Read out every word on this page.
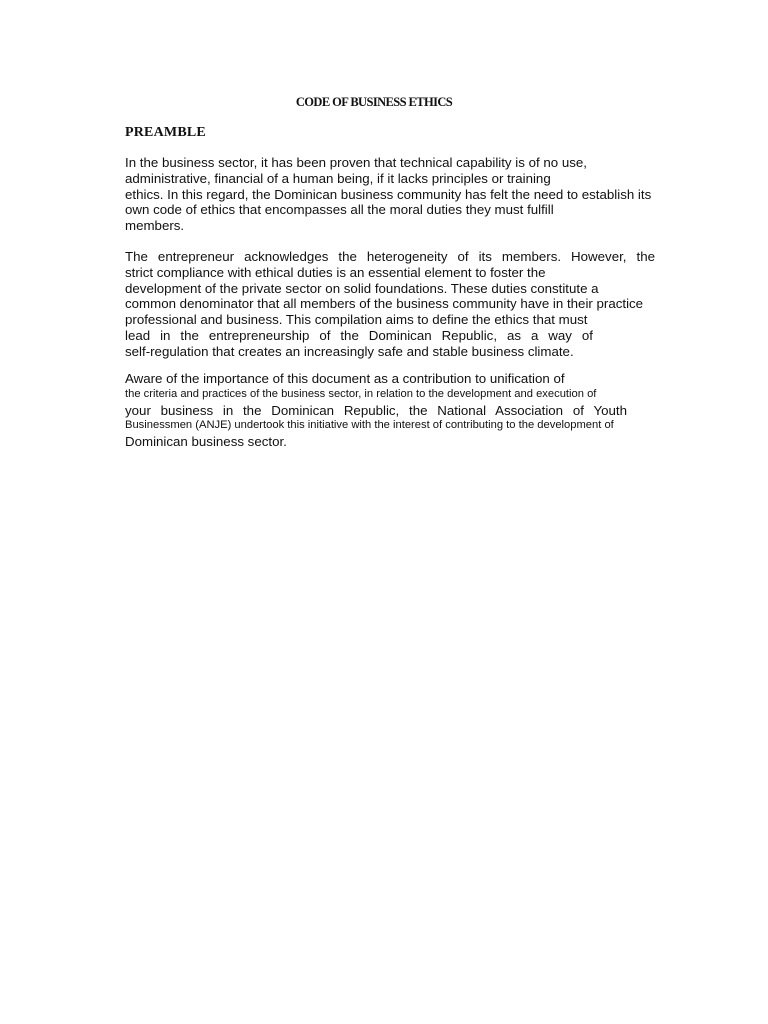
CODE OF BUSINESS ETHICS
PREAMBLE
In the business sector, it has been proven that technical capability is of no use,
administrative, financial of a human being, if it lacks principles or training
ethics. In this regard, the Dominican business community has felt the need to establish its
own code of ethics that encompasses all the moral duties they must fulfill
members.
The entrepreneur acknowledges the heterogeneity of its members. However, the
strict compliance with ethical duties is an essential element to foster the
development of the private sector on solid foundations. These duties constitute a
common denominator that all members of the business community have in their practice
professional and business. This compilation aims to define the ethics that must
lead in the entrepreneurship of the Dominican Republic, as a way of
self-regulation that creates an increasingly safe and stable business climate.
Aware of the importance of this document as a contribution to unification of
the criteria and practices of the business sector, in relation to the development and execution of
your business in the Dominican Republic, the National Association of Youth
Businessmen (ANJE) undertook this initiative with the interest of contributing to the development of
Dominican business sector.
